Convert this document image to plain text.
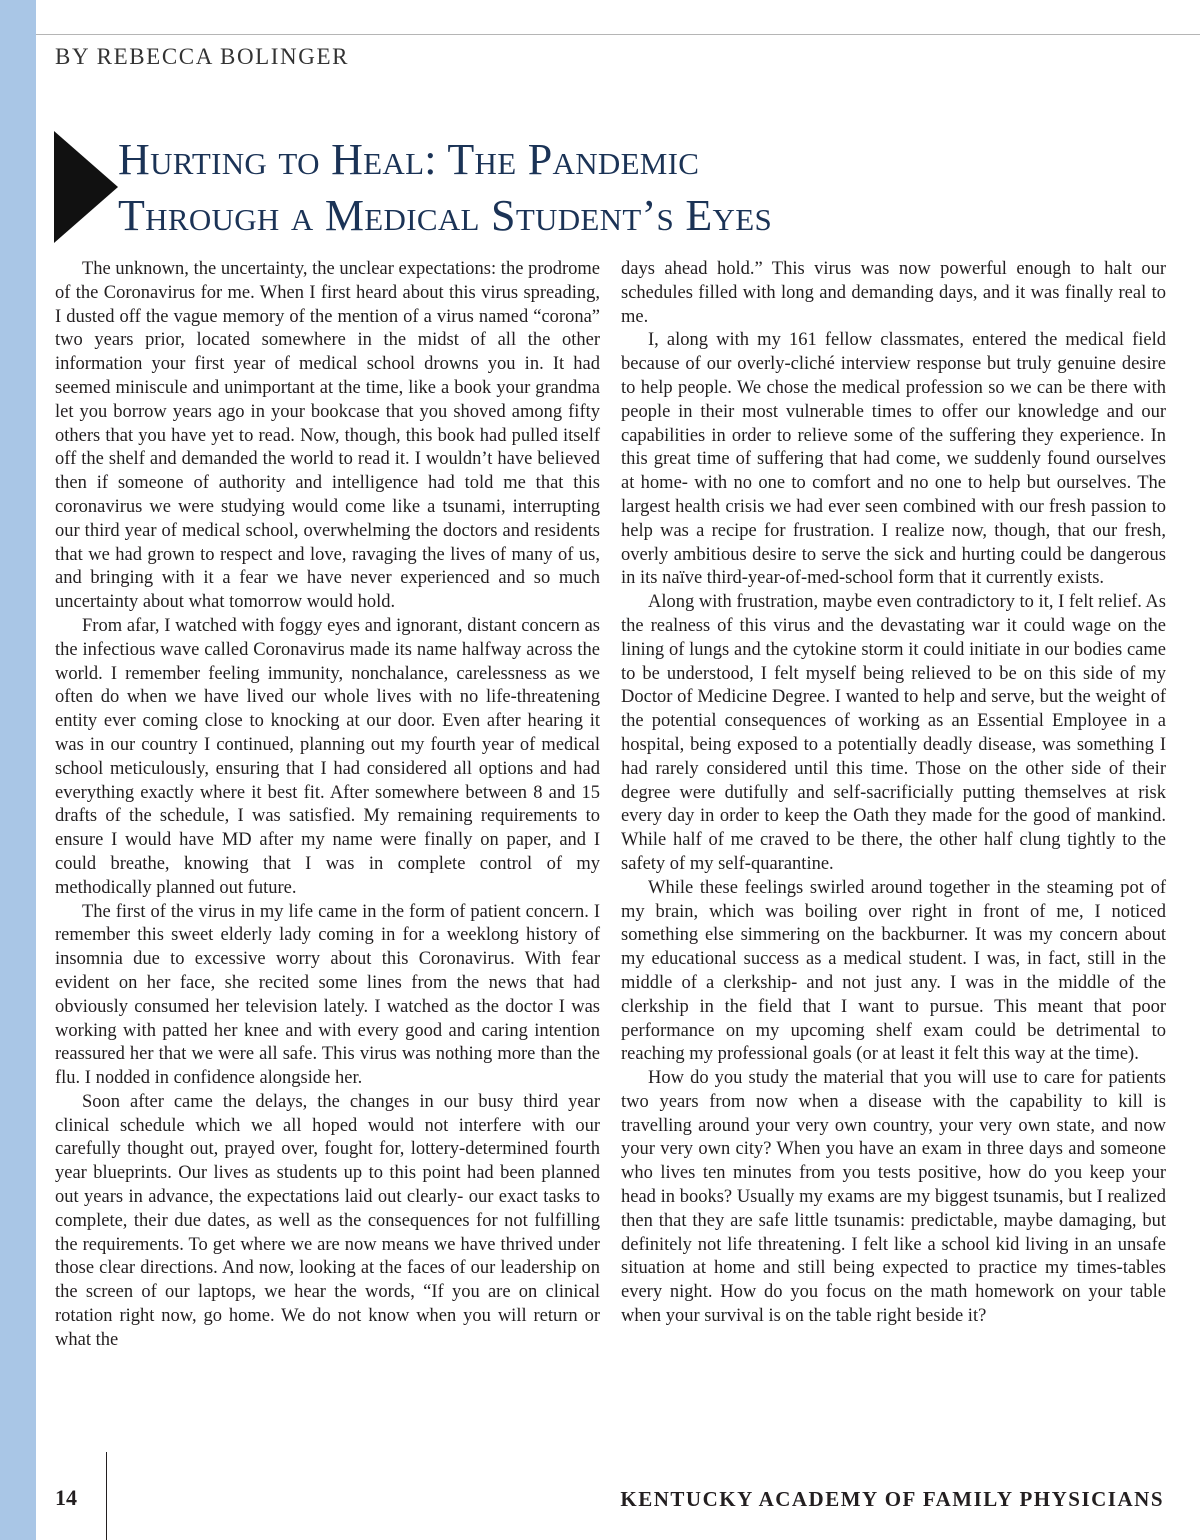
BY REBECCA BOLINGER
Hurting to Heal: The Pandemic
Through a Medical Student’s Eyes

The unknown, the uncertainty, the unclear expectations: the prodrome of the Coronavirus for me. When I first heard about this virus spreading, I dusted off the vague memory of the mention of a virus named “corona” two years prior, located somewhere in the midst of all the other information your first year of medical school drowns you in. It had seemed miniscule and unimportant at the time, like a book your grandma let you borrow years ago in your bookcase that you shoved among fifty others that you have yet to read. Now, though, this book had pulled itself off the shelf and demanded the world to read it. I wouldn’t have believed then if someone of authority and intelligence had told me that this coronavirus we were studying would come like a tsunami, interrupting our third year of medical school, overwhelming the doctors and residents that we had grown to respect and love, ravaging the lives of many of us, and bringing with it a fear we have never experienced and so much uncertainty about what tomorrow would hold.

From afar, I watched with foggy eyes and ignorant, distant concern as the infectious wave called Coronavirus made its name halfway across the world. I remember feeling immunity, nonchalance, carelessness as we often do when we have lived our whole lives with no life-threatening entity ever coming close to knocking at our door. Even after hearing it was in our country I continued, planning out my fourth year of medical school meticulously, ensuring that I had considered all options and had everything exactly where it best fit. After somewhere between 8 and 15 drafts of the schedule, I was satisfied. My remaining requirements to ensure I would have MD after my name were finally on paper, and I could breathe, knowing that I was in complete control of my methodically planned out future.

The first of the virus in my life came in the form of patient concern. I remember this sweet elderly lady coming in for a weeklong history of insomnia due to excessive worry about this Coronavirus. With fear evident on her face, she recited some lines from the news that had obviously consumed her television lately. I watched as the doctor I was working with patted her knee and with every good and caring intention reassured her that we were all safe. This virus was nothing more than the flu. I nodded in confidence alongside her.

Soon after came the delays, the changes in our busy third year clinical schedule which we all hoped would not interfere with our carefully thought out, prayed over, fought for, lottery-determined fourth year blueprints. Our lives as students up to this point had been planned out years in advance, the expectations laid out clearly- our exact tasks to complete, their due dates, as well as the consequences for not fulfilling the requirements. To get where we are now means we have thrived under those clear directions. And now, looking at the faces of our leadership on the screen of our laptops, we hear the words, “If you are on clinical rotation right now, go home. We do not know when you will return or what the

days ahead hold.” This virus was now powerful enough to halt our schedules filled with long and demanding days, and it was finally real to me.

I, along with my 161 fellow classmates, entered the medical field because of our overly-cliché interview response but truly genuine desire to help people. We chose the medical profession so we can be there with people in their most vulnerable times to offer our knowledge and our capabilities in order to relieve some of the suffering they experience. In this great time of suffering that had come, we suddenly found ourselves at home- with no one to comfort and no one to help but ourselves. The largest health crisis we had ever seen combined with our fresh passion to help was a recipe for frustration. I realize now, though, that our fresh, overly ambitious desire to serve the sick and hurting could be dangerous in its naïve third-year-of-med-school form that it currently exists.

Along with frustration, maybe even contradictory to it, I felt relief. As the realness of this virus and the devastating war it could wage on the lining of lungs and the cytokine storm it could initiate in our bodies came to be understood, I felt myself being relieved to be on this side of my Doctor of Medicine Degree. I wanted to help and serve, but the weight of the potential consequences of working as an Essential Employee in a hospital, being exposed to a potentially deadly disease, was something I had rarely considered until this time. Those on the other side of their degree were dutifully and self-sacrificially putting themselves at risk every day in order to keep the Oath they made for the good of mankind. While half of me craved to be there, the other half clung tightly to the safety of my self-quarantine.

While these feelings swirled around together in the steaming pot of my brain, which was boiling over right in front of me, I noticed something else simmering on the backburner. It was my concern about my educational success as a medical student. I was, in fact, still in the middle of a clerkship- and not just any. I was in the middle of the clerkship in the field that I want to pursue. This meant that poor performance on my upcoming shelf exam could be detrimental to reaching my professional goals (or at least it felt this way at the time).

How do you study the material that you will use to care for patients two years from now when a disease with the capability to kill is travelling around your very own country, your very own state, and now your very own city? When you have an exam in three days and someone who lives ten minutes from you tests positive, how do you keep your head in books? Usually my exams are my biggest tsunamis, but I realized then that they are safe little tsunamis: predictable, maybe damaging, but definitely not life threatening. I felt like a school kid living in an unsafe situation at home and still being expected to practice my times-tables every night. How do you focus on the math homework on your table when your survival is on the table right beside it?

14	KENTUCKY ACADEMY OF FAMILY PHYSICIANS
